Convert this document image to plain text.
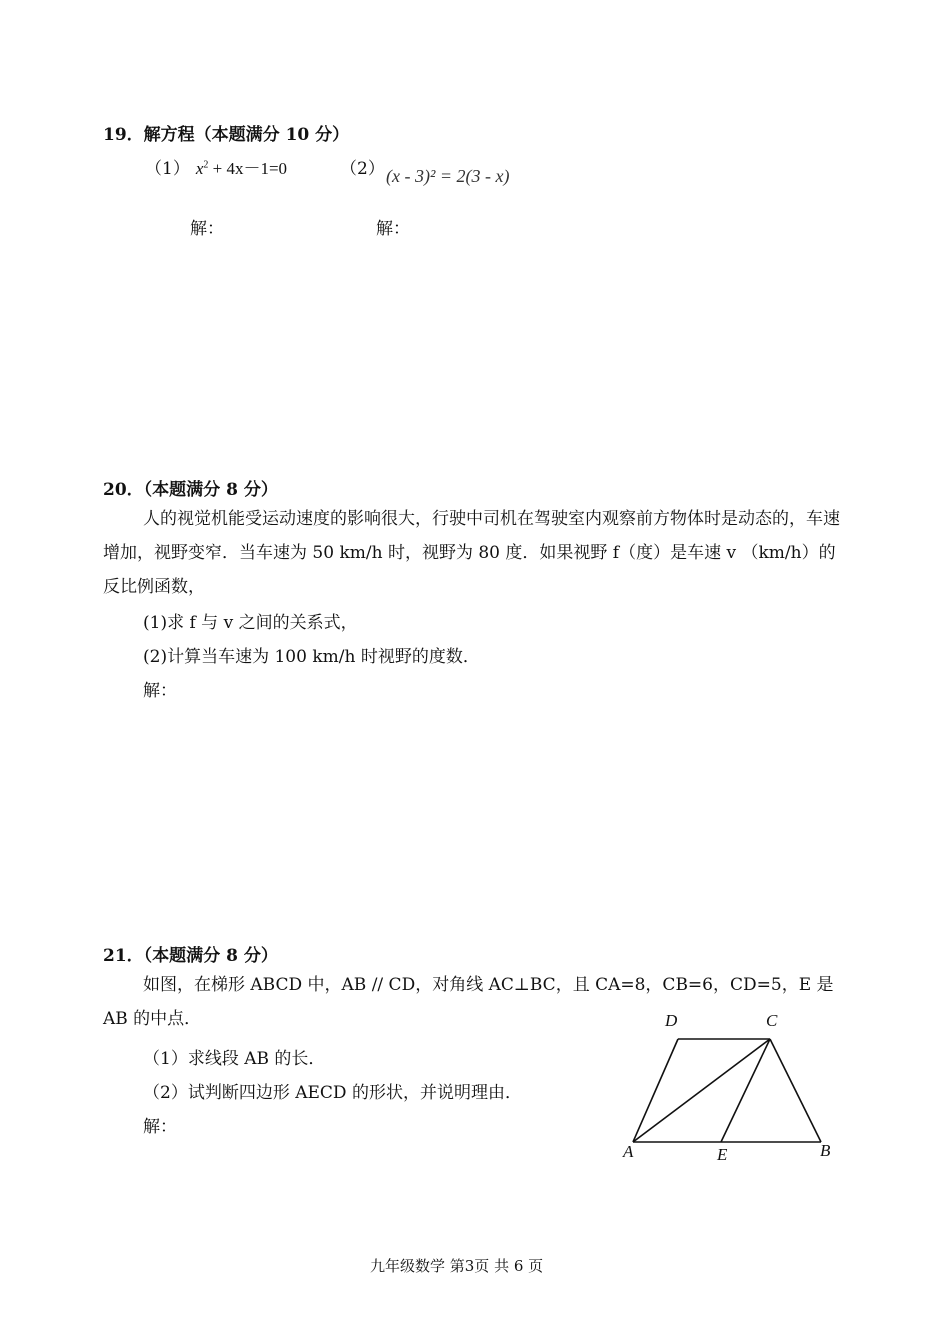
19．解方程（本题满分 10 分）
（1） $x^2 + 4x-1=0$	（2） (x - 3)² = 2(3 - x)
解：	解：
20．（本题满分 8 分）
人的视觉机能受运动速度的影响很大，行驶中司机在驾驶室内观察前方物体时是动态的，车速增加，视野变窄．当车速为 50 km/h 时，视野为 80 度．如果视野 f（度）是车速 v （km/h）的反比例函数，
(1)求 f 与 v 之间的关系式，
(2)计算当车速为 100 km/h 时视野的度数．
解：
21．（本题满分 8 分）
如图，在梯形 ABCD 中，AB // CD，对角线 AC⊥BC，且 CA=8，CB=6，CD=5，E 是 AB 的中点．
（1）求线段 AB 的长．
（2）试判断四边形 AECD 的形状，并说明理由．
解：
D	C
A	E	B
九年级数学 第3页 共 6 页
